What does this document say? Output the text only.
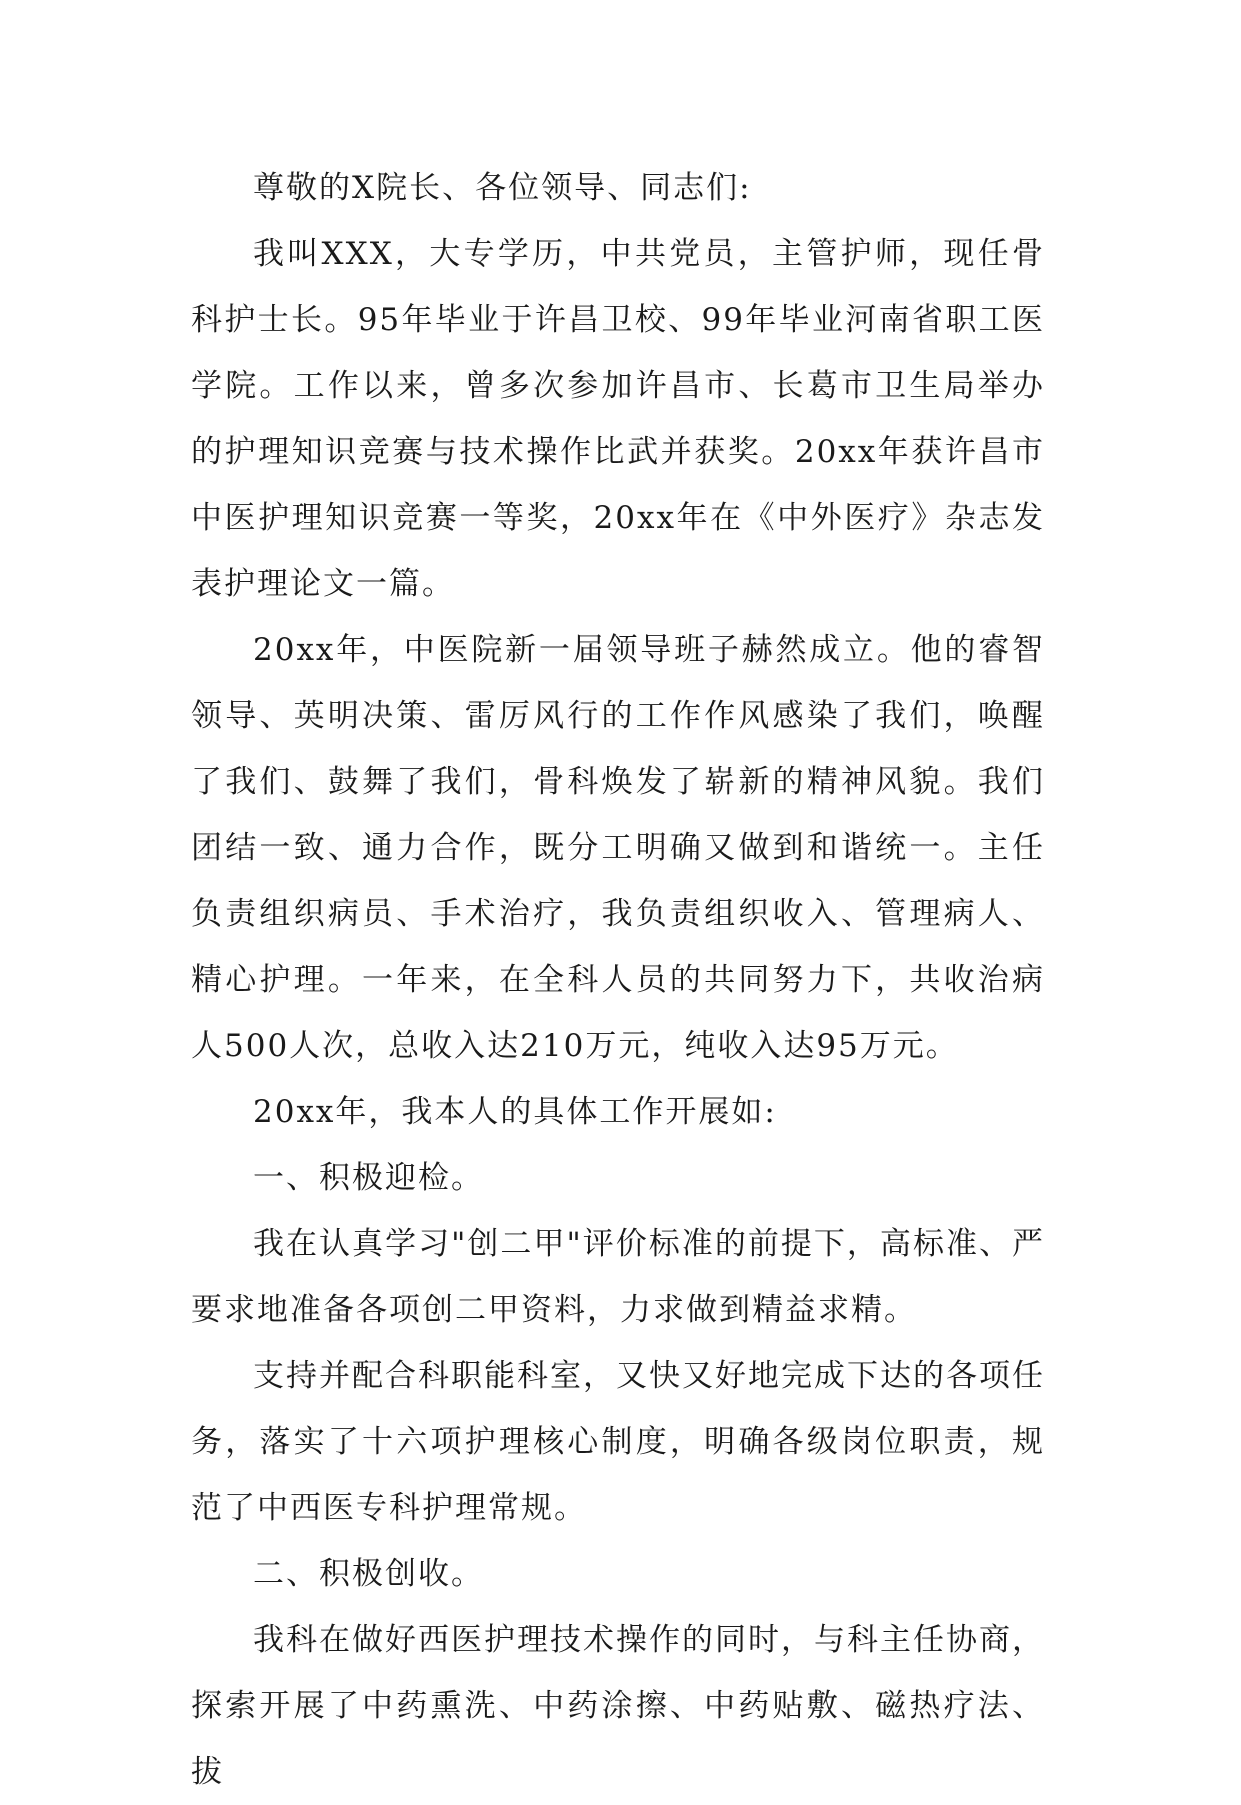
尊敬的X院长、各位领导、同志们:

我叫XXX，大专学历，中共党员，主管护师，现任骨科护士长。95年毕业于许昌卫校、99年毕业河南省职工医学院。工作以来，曾多次参加许昌市、长葛市卫生局举办的护理知识竞赛与技术操作比武并获奖。20xx年获许昌市中医护理知识竞赛一等奖，20xx年在《中外医疗》杂志发表护理论文一篇。

20xx年，中医院新一届领导班子赫然成立。他的睿智领导、英明决策、雷厉风行的工作作风感染了我们，唤醒了我们、鼓舞了我们，骨科焕发了崭新的精神风貌。我们团结一致、通力合作，既分工明确又做到和谐统一。主任负责组织病员、手术治疗，我负责组织收入、管理病人、精心护理。一年来，在全科人员的共同努力下，共收治病人500人次，总收入达210万元，纯收入达95万元。

20xx年，我本人的具体工作开展如:

一、积极迎检。

我在认真学习"创二甲"评价标准的前提下，高标准、严要求地准备各项创二甲资料，力求做到精益求精。

支持并配合科职能科室，又快又好地完成下达的各项任务，落实了十六项护理核心制度，明确各级岗位职责，规范了中西医专科护理常规。

二、积极创收。

我科在做好西医护理技术操作的同时，与科主任协商，探索开展了中药熏洗、中药涂擦、中药贴敷、磁热疗法、拔
